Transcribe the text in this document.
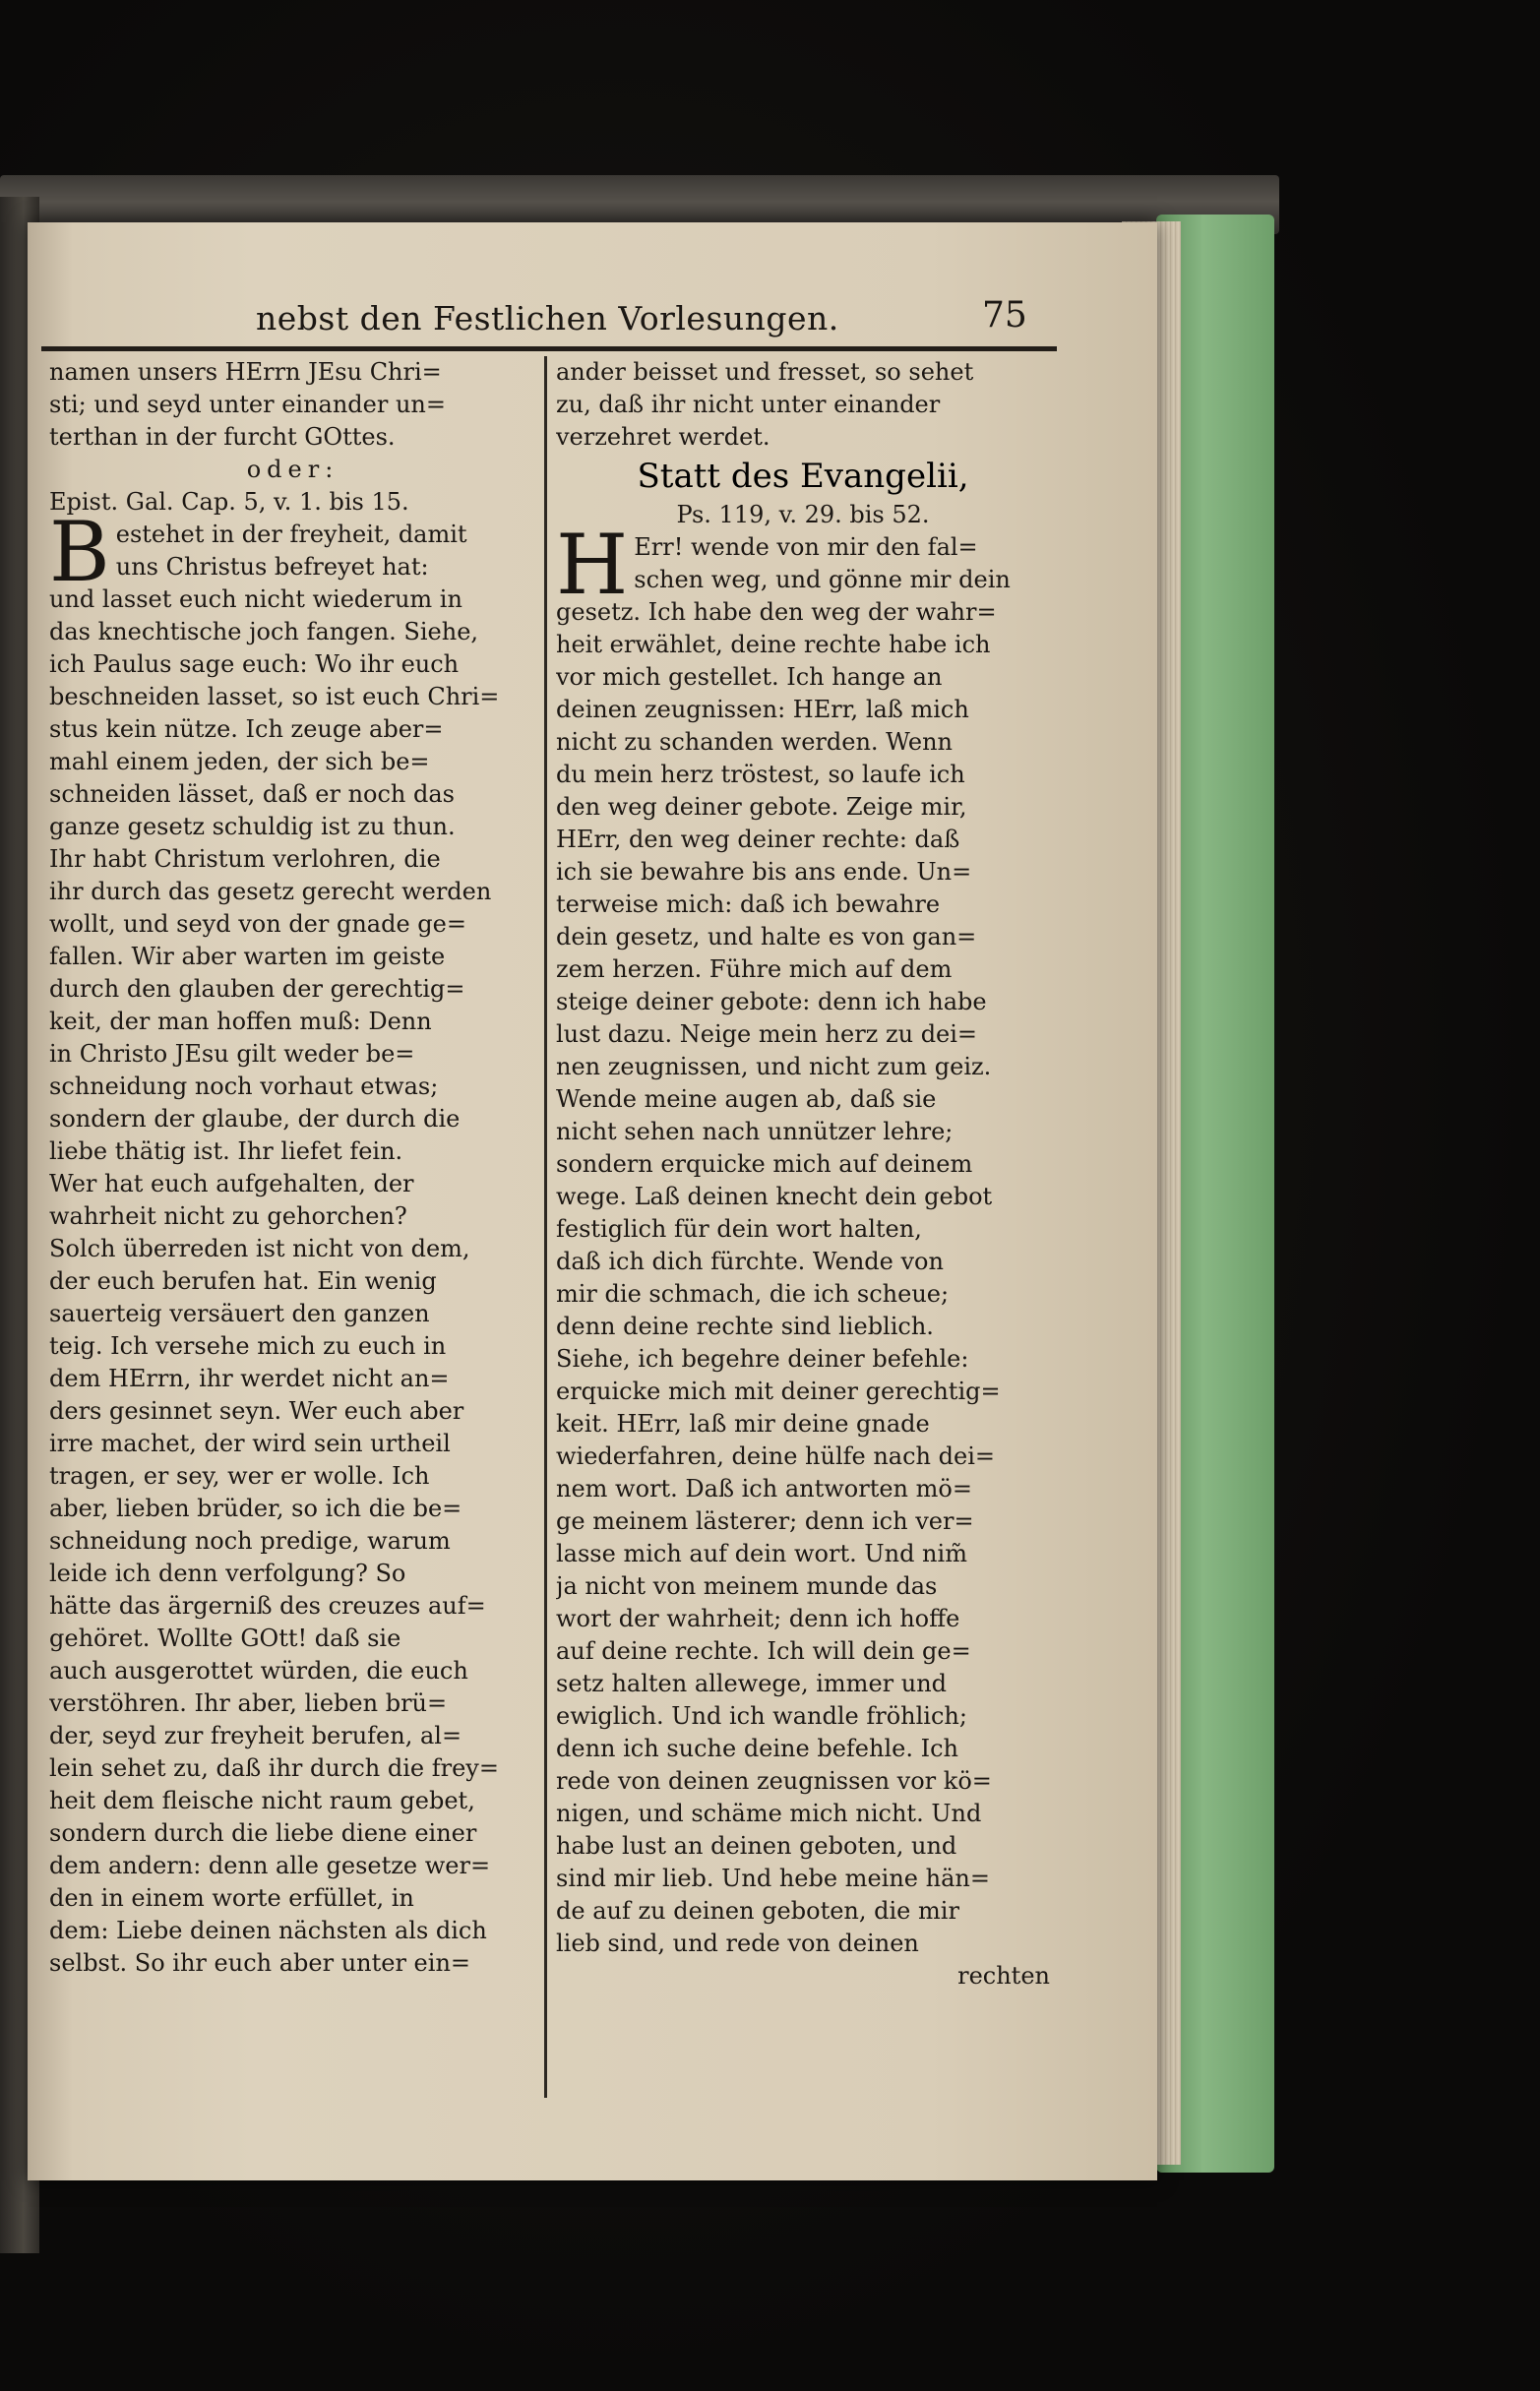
nebst den Festlichen Vorlesungen.	75
namen unsers HErrn JEsu Chri=
sti; und seyd unter einander un=
terthan in der furcht GOttes.
oder:
Epist. Gal. Cap. 5, v. 1. bis 15.
B estehet in der freyheit, damit
uns Christus befreyet hat:
und lasset euch nicht wiederum in
das knechtische joch fangen. Siehe,
ich Paulus sage euch: Wo ihr euch
beschneiden lasset, so ist euch Chri=
stus kein nütze. Ich zeuge aber=
mahl einem jeden, der sich be=
schneiden lässet, daß er noch das
ganze gesetz schuldig ist zu thun.
Ihr habt Christum verlohren, die
ihr durch das gesetz gerecht werden
wollt, und seyd von der gnade ge=
fallen. Wir aber warten im geiste
durch den glauben der gerechtig=
keit, der man hoffen muß: Denn
in Christo JEsu gilt weder be=
schneidung noch vorhaut etwas;
sondern der glaube, der durch die
liebe thätig ist. Ihr liefet fein.
Wer hat euch aufgehalten, der
wahrheit nicht zu gehorchen?
Solch überreden ist nicht von dem,
der euch berufen hat. Ein wenig
sauerteig versäuert den ganzen
teig. Ich versehe mich zu euch in
dem HErrn, ihr werdet nicht an=
ders gesinnet seyn. Wer euch aber
irre machet, der wird sein urtheil
tragen, er sey, wer er wolle. Ich
aber, lieben brüder, so ich die be=
schneidung noch predige, warum
leide ich denn verfolgung? So
hätte das ärgerniß des creuzes auf=
gehöret. Wollte GOtt! daß sie
auch ausgerottet würden, die euch
verstöhren. Ihr aber, lieben brü=
der, seyd zur freyheit berufen, al=
lein sehet zu, daß ihr durch die frey=
heit dem fleische nicht raum gebet,
sondern durch die liebe diene einer
dem andern: denn alle gesetze wer=
den in einem worte erfüllet, in
dem: Liebe deinen nächsten als dich
selbst. So ihr euch aber unter ein=
ander beisset und fresset, so sehet
zu, daß ihr nicht unter einander
verzehret werdet.
Statt des Evangelii,
Ps. 119, v. 29. bis 52.
H Err! wende von mir den fal=
schen weg, und gönne mir dein
gesetz. Ich habe den weg der wahr=
heit erwählet, deine rechte habe ich
vor mich gestellet. Ich hange an
deinen zeugnissen: HErr, laß mich
nicht zu schanden werden. Wenn
du mein herz tröstest, so laufe ich
den weg deiner gebote. Zeige mir,
HErr, den weg deiner rechte: daß
ich sie bewahre bis ans ende. Un=
terweise mich: daß ich bewahre
dein gesetz, und halte es von gan=
zem herzen. Führe mich auf dem
steige deiner gebote: denn ich habe
lust dazu. Neige mein herz zu dei=
nen zeugnissen, und nicht zum geiz.
Wende meine augen ab, daß sie
nicht sehen nach unnützer lehre;
sondern erquicke mich auf deinem
wege. Laß deinen knecht dein gebot
festiglich für dein wort halten,
daß ich dich fürchte. Wende von
mir die schmach, die ich scheue;
denn deine rechte sind lieblich.
Siehe, ich begehre deiner befehle:
erquicke mich mit deiner gerechtig=
keit. HErr, laß mir deine gnade
wiederfahren, deine hülfe nach dei=
nem wort. Daß ich antworten mö=
ge meinem lästerer; denn ich ver=
lasse mich auf dein wort. Und nim̃
ja nicht von meinem munde das
wort der wahrheit; denn ich hoffe
auf deine rechte. Ich will dein ge=
setz halten allewege, immer und
ewiglich. Und ich wandle fröhlich;
denn ich suche deine befehle. Ich
rede von deinen zeugnissen vor kö=
nigen, und schäme mich nicht. Und
habe lust an deinen geboten, und
sind mir lieb. Und hebe meine hän=
de auf zu deinen geboten, die mir
lieb sind, und rede von deinen
rechten
